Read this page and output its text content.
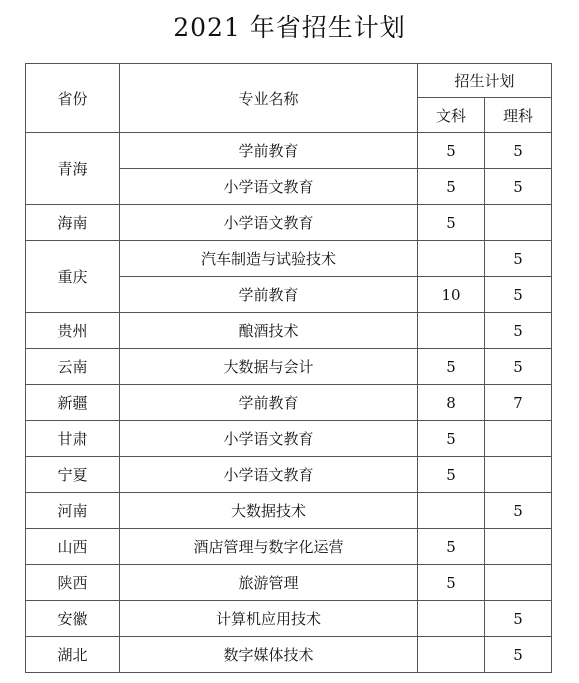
2021 年省招生计划
省份	专业名称	招生计划	
		文科	理科
青海	学前教育	5	5
	小学语文教育	5	5
海南	小学语文教育	5	
重庆	汽车制造与试验技术		5
	学前教育	10	5
贵州	酿酒技术		5
云南	大数据与会计	5	5
新疆	学前教育	8	7
甘肃	小学语文教育	5	
宁夏	小学语文教育	5	
河南	大数据技术		5
山西	酒店管理与数字化运营	5	
陕西	旅游管理	5	
安徽	计算机应用技术		5
湖北	数字媒体技术		5
